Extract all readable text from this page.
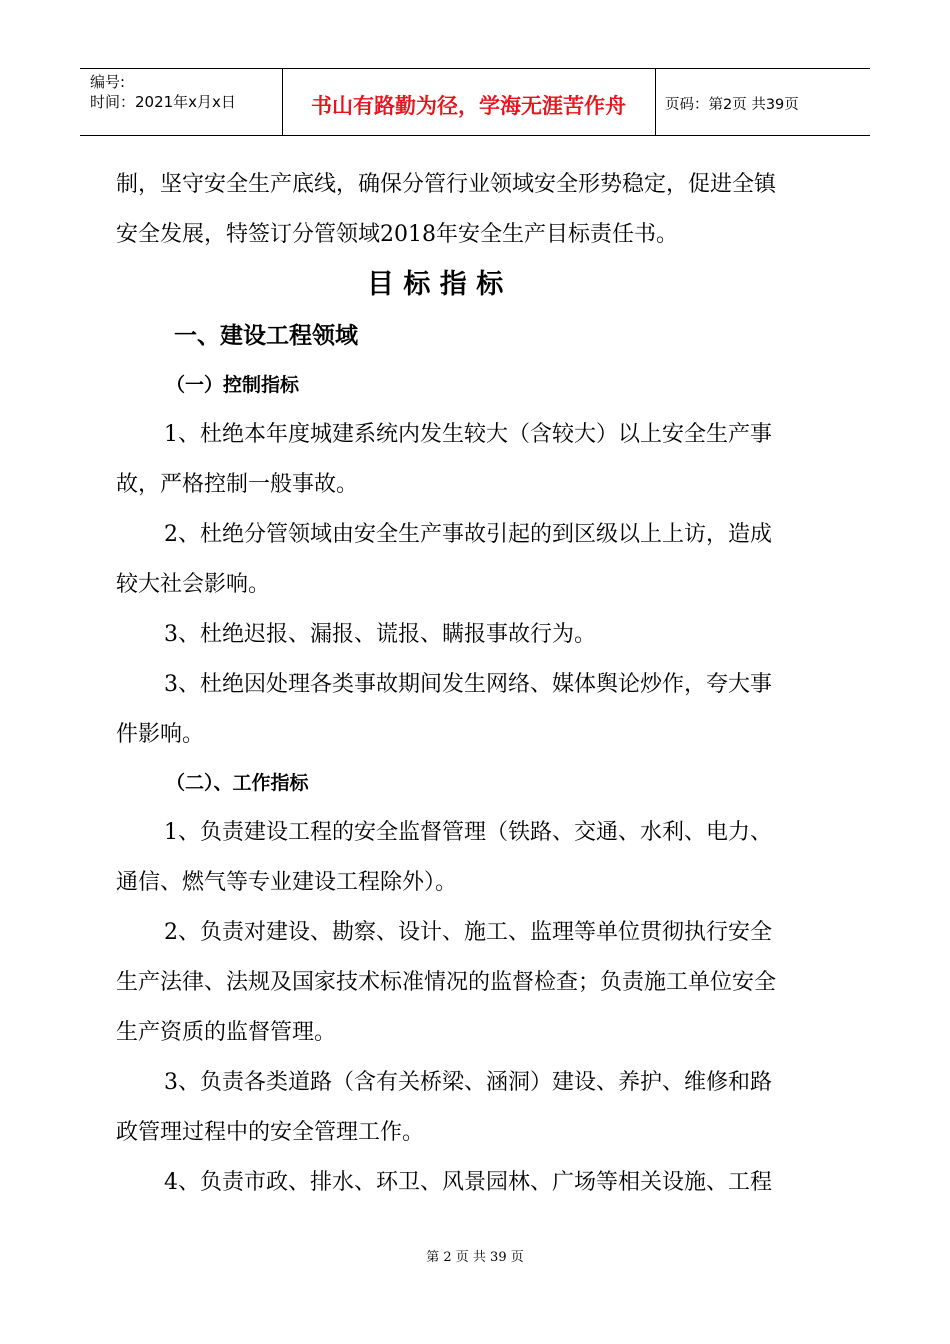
编号:
时间：2021年x月x日	书山有路勤为径，学海无涯苦作舟	页码：第2页 共39页
制，坚守安全生产底线，确保分管行业领域安全形势稳定，促进全镇
安全发展，特签订分管领域2018年安全生产目标责任书。
目 标 指 标
一、建设工程领域
（一）控制指标
1、杜绝本年度城建系统内发生较大（含较大）以上安全生产事
故，严格控制一般事故。
2、杜绝分管领域由安全生产事故引起的到区级以上上访，造成
较大社会影响。
3、杜绝迟报、漏报、谎报、瞒报事故行为。
3、杜绝因处理各类事故期间发生网络、媒体舆论炒作，夸大事
件影响。
（二）、工作指标
1、负责建设工程的安全监督管理（铁路、交通、水利、电力、
通信、燃气等专业建设工程除外）。
2、负责对建设、勘察、设计、施工、监理等单位贯彻执行安全
生产法律、法规及国家技术标准情况的监督检查；负责施工单位安全
生产资质的监督管理。
3、负责各类道路（含有关桥梁、涵洞）建设、养护、维修和路
政管理过程中的安全管理工作。
4、负责市政、排水、环卫、风景园林、广场等相关设施、工程
第 2 页 共 39 页
